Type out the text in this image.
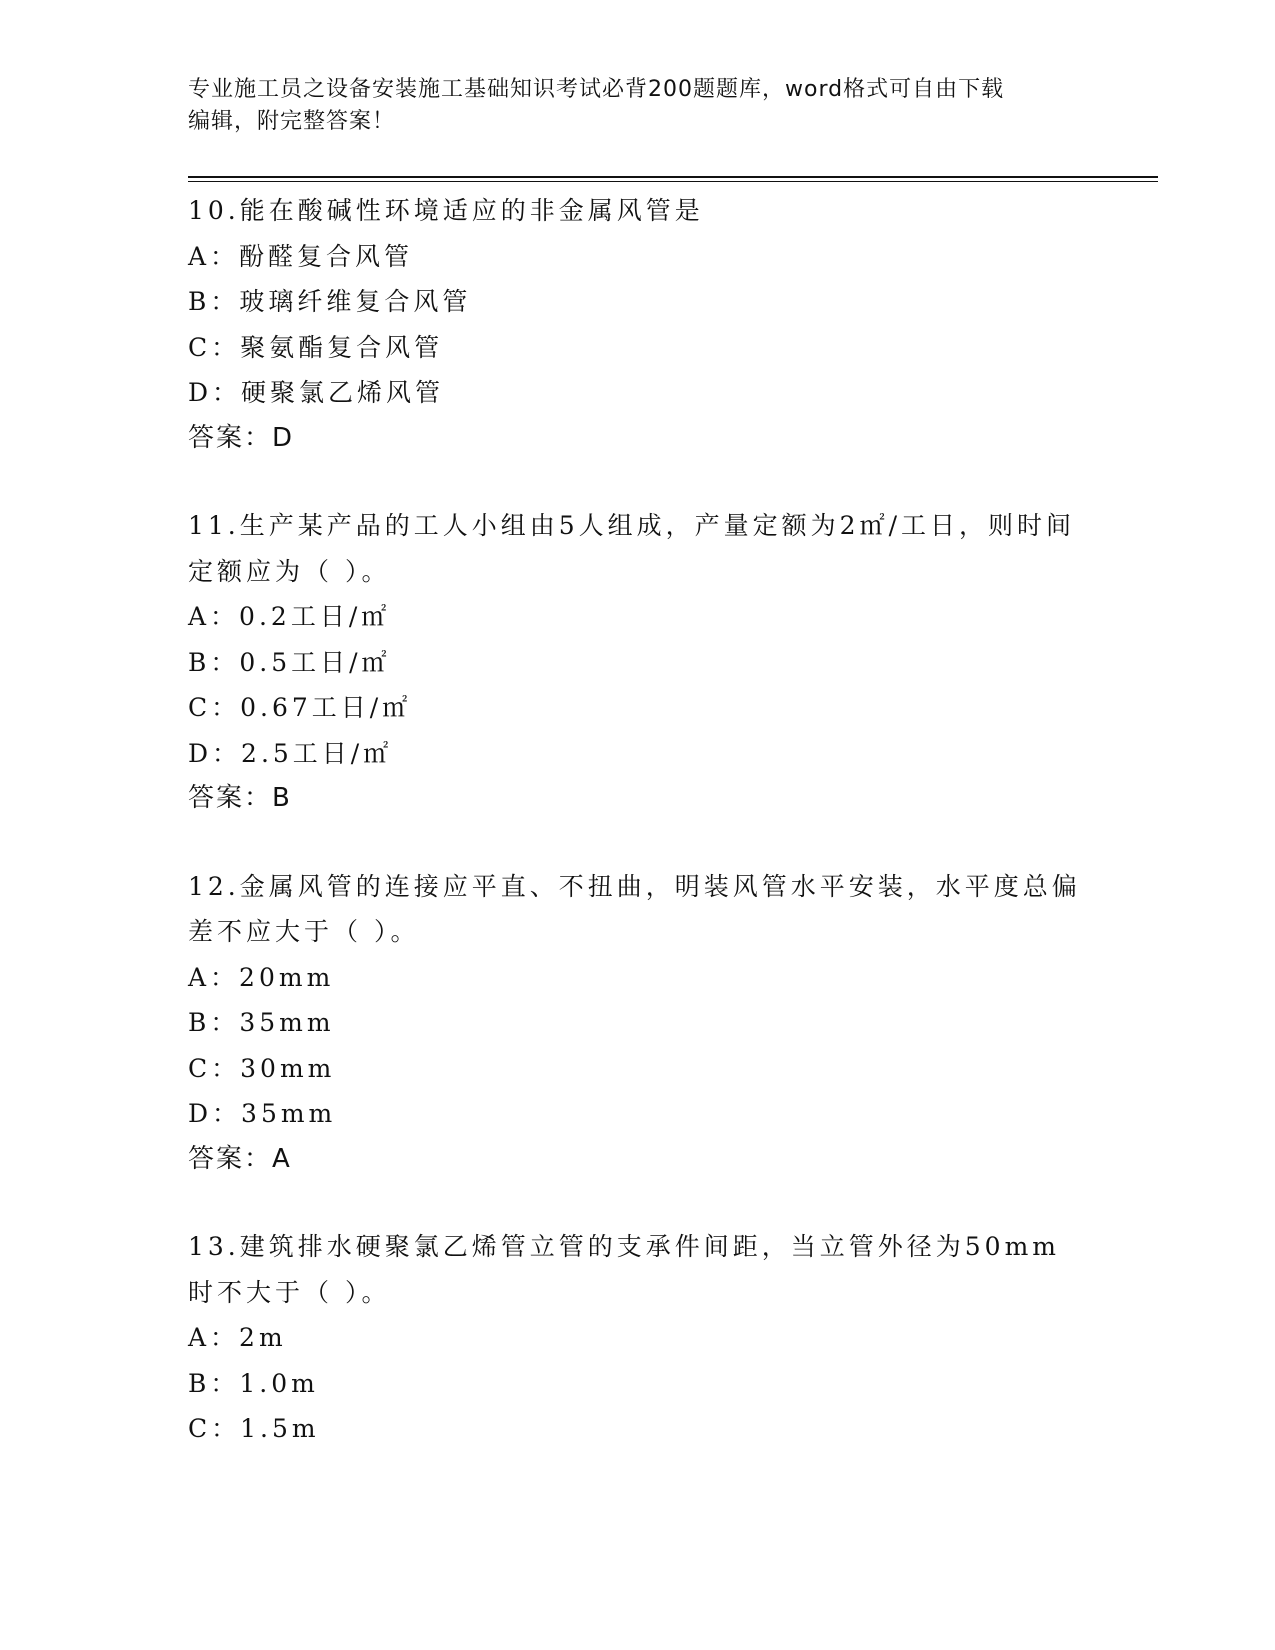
专业施工员之设备安装施工基础知识考试必背200题题库，word格式可自由下载
编辑，附完整答案！

10.能在酸碱性环境适应的非金属风管是

A：酚醛复合风管

B：玻璃纤维复合风管

C：聚氨酯复合风管

D：硬聚氯乙烯风管

答案：D

11.生产某产品的工人小组由5人组成，产量定额为2㎡/工日，则时间定额应为（ ）。

A：0.2工日/㎡

B：0.5工日/㎡

C：0.67工日/㎡

D：2.5工日/㎡

答案：B

12.金属风管的连接应平直、不扭曲，明装风管水平安装，水平度总偏差不应大于（ ）。

A：20mm

B：35mm

C：30mm

D：35mm

答案：A

13.建筑排水硬聚氯乙烯管立管的支承件间距，当立管外径为50mm时不大于（ ）。

A：2m

B：1.0m

C：1.5m
